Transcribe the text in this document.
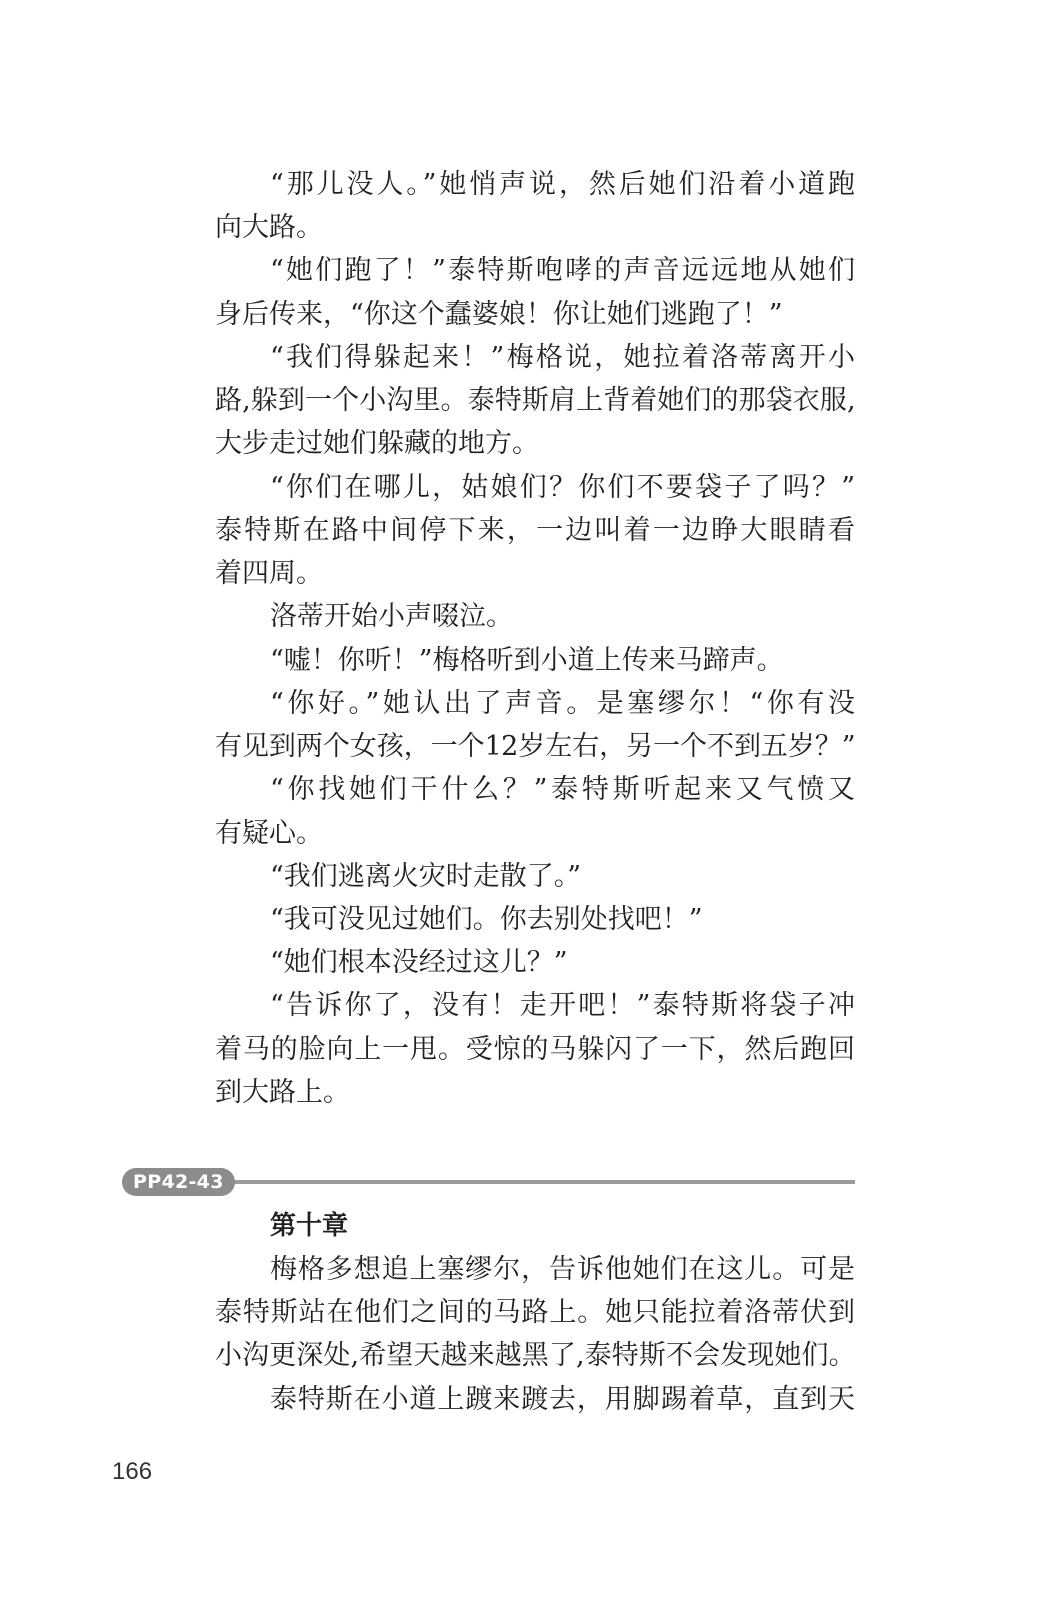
“那儿没人。”她悄声说，然后她们沿着小道跑
向大路。
“她们跑了！”泰特斯咆哮的声音远远地从她们
身后传来，“你这个蠢婆娘！你让她们逃跑了！”
“我们得躲起来！”梅格说，她拉着洛蒂离开小
路,躲到一个小沟里。泰特斯肩上背着她们的那袋衣服,
大步走过她们躲藏的地方。
“你们在哪儿，姑娘们？你们不要袋子了吗？”
泰特斯在路中间停下来，一边叫着一边睁大眼睛看
着四周。
洛蒂开始小声啜泣。
“嘘！你听！”梅格听到小道上传来马蹄声。
“你好。”她认出了声音。是塞缪尔！“你有没
有见到两个女孩，一个12岁左右，另一个不到五岁？”
“你找她们干什么？”泰特斯听起来又气愤又
有疑心。
“我们逃离火灾时走散了。”
“我可没见过她们。你去别处找吧！”
“她们根本没经过这儿？”
“告诉你了，没有！走开吧！”泰特斯将袋子冲
着马的脸向上一甩。受惊的马躲闪了一下，然后跑回
到大路上。
PP42-43
第十章
梅格多想追上塞缪尔，告诉他她们在这儿。可是
泰特斯站在他们之间的马路上。她只能拉着洛蒂伏到
小沟更深处,希望天越来越黑了,泰特斯不会发现她们。
泰特斯在小道上踱来踱去，用脚踢着草，直到天
166
